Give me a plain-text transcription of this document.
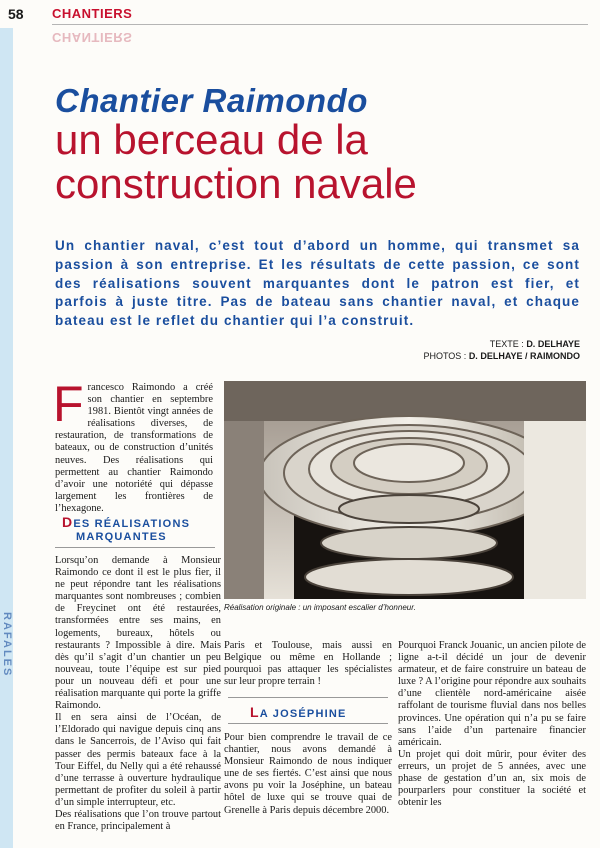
RAFALES
58 CHANTIERS
CHANTIERS
Chantier Raimondo
un berceau de la construction navale
Un chantier naval, c’est tout d’abord un homme, qui transmet sa passion à son entreprise. Et les résultats de cette passion, ce sont des réalisations souvent marquantes dont le patron est fier, et parfois à juste titre. Pas de bateau sans chantier naval, et chaque bateau est le reflet du chantier qui l’a construit.
TEXTE : D. DELHAYE
PHOTOS : D. DELHAYE / RAIMONDO
Francesco Raimondo a créé son chantier en septembre 1981. Bientôt vingt années de réalisations diverses, de restauration, de transformations de bateaux, ou de construction d’unités neuves. Des réalisations qui permettent au chantier Raimondo d’avoir une notoriété qui dépasse largement les frontières de l’hexagone.
DES RÉALISATIONS
MARQUANTES
Lorsqu’on demande à Monsieur Raimondo ce dont il est le plus fier, il ne peut répondre tant les réalisations marquantes sont nombreuses ; combien de Freycinet ont été restaurées, transformées entre ses mains, en logements, bureaux, hôtels ou restaurants ? Impossible à dire. Mais dès qu’il s’agit d’un chantier un peu nouveau, toute l’équipe est sur pied pour un nouveau défi et pour une réalisation marquante qui porte la griffe Raimondo.
Il en sera ainsi de l’Océan, de l’Eldorado qui navigue depuis cinq ans dans le Sancerrois, de l’Aviso qui fait passer des permis bateaux face à la Tour Eiffel, du Nelly qui a été rehaussé d’une terrasse à ouverture hydraulique permettant de profiter du soleil à partir d’un simple interrupteur, etc.
Des réalisations que l’on trouve partout en France, principalement à
Réalisation originale : un imposant escalier d’honneur.
Paris et Toulouse, mais aussi en Belgique ou même en Hollande ; pourquoi pas attaquer les spécialistes sur leur propre terrain !
LA JOSÉPHINE
Pour bien comprendre le travail de ce chantier, nous avons demandé à Monsieur Raimondo de nous indiquer une de ses fiertés. C’est ainsi que nous avons pu voir la Joséphine, un bateau hôtel de luxe qui se trouve quai de Grenelle à Paris depuis décembre 2000.
Pourquoi Franck Jouanic, un ancien pilote de ligne a-t-il décidé un jour de devenir armateur, et de faire construire un bateau de luxe ? A l’origine pour répondre aux souhaits d’une clientèle nord-américaine aisée raffolant de tourisme fluvial dans nos belles provinces. Une opération qui n’a pu se faire sans l’aide d’un partenaire financier américain.
Un projet qui doit mûrir, pour éviter des erreurs, un projet de 5 années, avec une phase de gestation d’un an, six mois de pourparlers pour constituer la société et obtenir les
